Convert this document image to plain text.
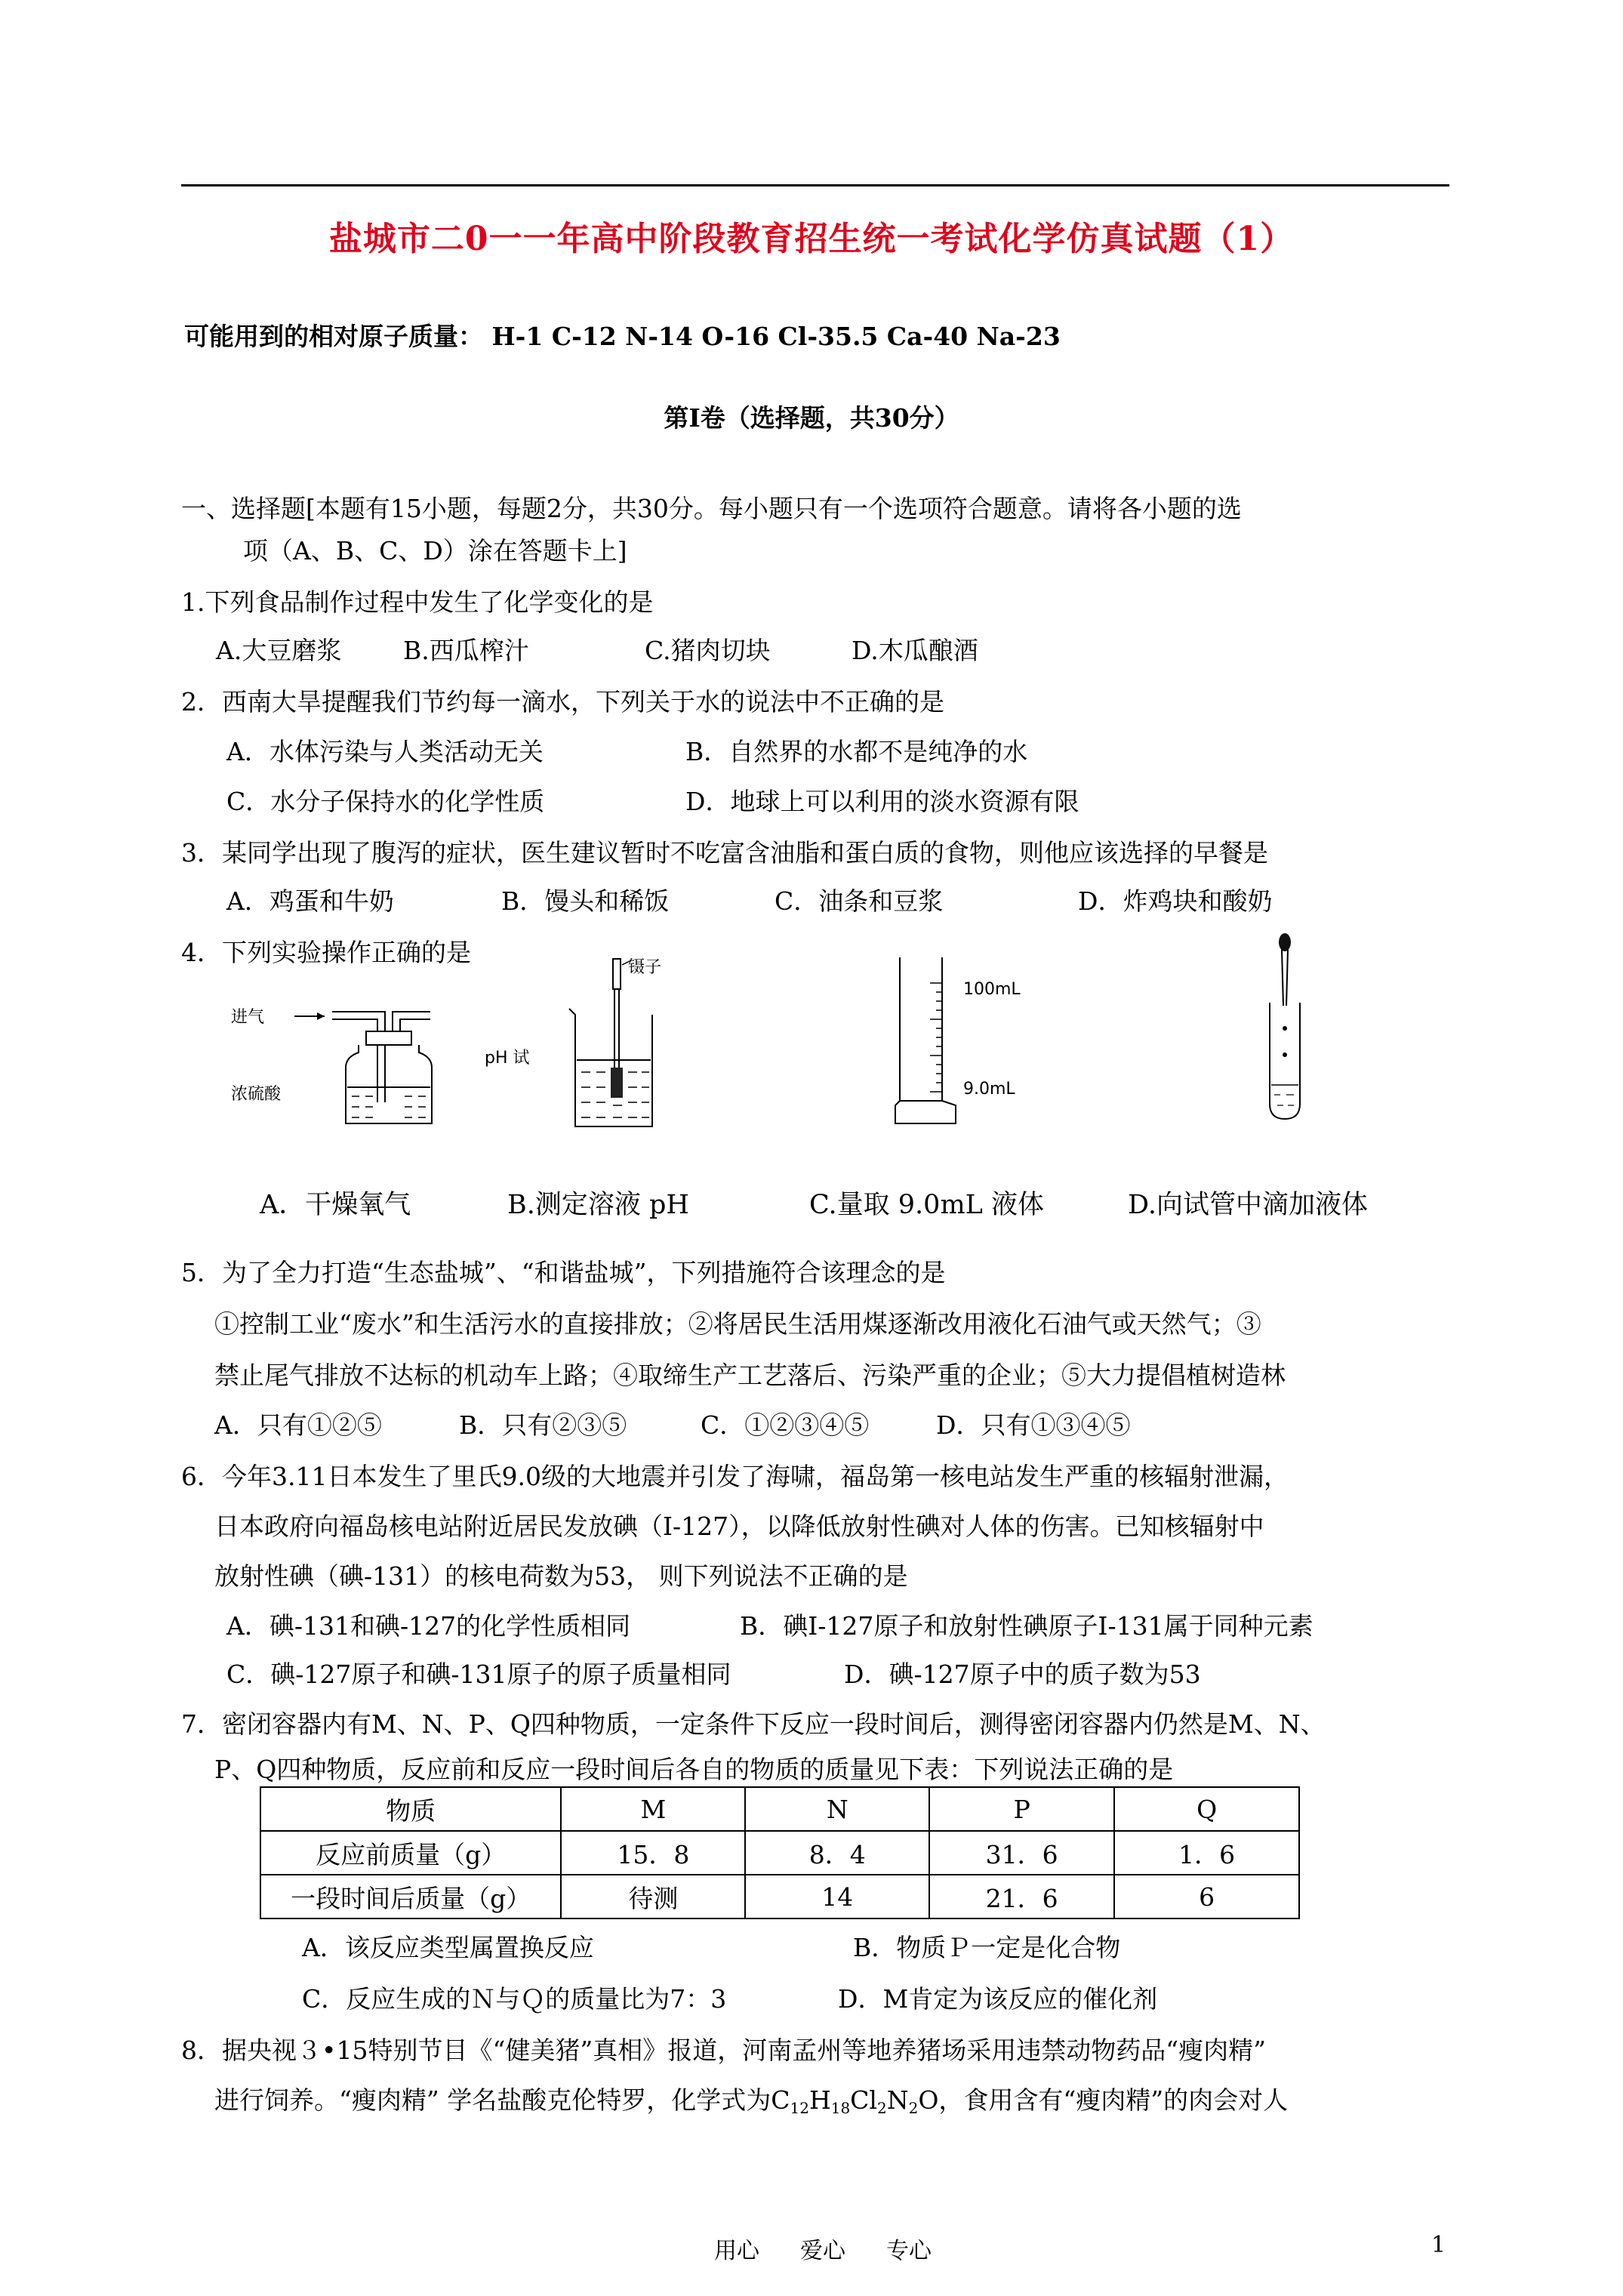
盐城市二0一一年高中阶段教育招生统一考试化学仿真试题（1）
可能用到的相对原子质量： H-1 C-12 N-14 O-16 Cl-35.5 Ca-40 Na-23
第Ⅰ卷（选择题，共30分）
一、选择题[本题有15小题，每题2分，共30分。每小题只有一个选项符合题意。请将各小题的选
项（A、B、C、D）涂在答题卡上]
1.下列食品制作过程中发生了化学变化的是
A.大豆磨浆 B.西瓜榨汁	C.猪肉切块	D.木瓜酿酒
2．西南大旱提醒我们节约每一滴水，下列关于水的说法中不正确的是
A．水体污染与人类活动无关	B．自然界的水都不是纯净的水
C．水分子保持水的化学性质	D．地球上可以利用的淡水资源有限
3．某同学出现了腹泻的症状，医生建议暂时不吃富含油脂和蛋白质的食物，则他应该选择的早餐是
A．鸡蛋和牛奶	B．馒头和稀饭	C．油条和豆浆	D．炸鸡块和酸奶
4．下列实验操作正确的是
进气
浓硫酸
镊子
pH 试
100mL
9.0mL
A．干燥氧气	B.测定溶液 pH	C.量取 9.0mL 液体	D.向试管中滴加液体
5．为了全力打造“生态盐城”、“和谐盐城”，下列措施符合该理念的是
①控制工业“废水”和生活污水的直接排放；②将居民生活用煤逐渐改用液化石油气或天然气；③
禁止尾气排放不达标的机动车上路；④取缔生产工艺落后、污染严重的企业；⑤大力提倡植树造林
A．只有①②⑤	B．只有②③⑤	C．①②③④⑤	D．只有①③④⑤
6．今年3.11日本发生了里氏9.0级的大地震并引发了海啸，福岛第一核电站发生严重的核辐射泄漏，
日本政府向福岛核电站附近居民发放碘（I-127），以降低放射性碘对人体的伤害。已知核辐射中
放射性碘（碘-131）的核电荷数为53， 则下列说法不正确的是
A．碘-131和碘-127的化学性质相同	B．碘I-127原子和放射性碘原子I-131属于同种元素
C．碘-127原子和碘-131原子的原子质量相同	D．碘-127原子中的质子数为53
7．密闭容器内有M、N、P、Q四种物质，一定条件下反应一段时间后，测得密闭容器内仍然是M、N、
P、Q四种物质，反应前和反应一段时间后各自的物质的质量见下表：下列说法正确的是
物质	M	N	P	Q
反应前质量（g）	15．8	8．4	31．6	1．6
一段时间后质量（g）	待测	14	21．6	6
A．该反应类型属置换反应	B．物质Ｐ一定是化合物
C．反应生成的Ｎ与Ｑ的质量比为7：3	D．M肯定为该反应的催化剂
8．据央视３•15特别节目《“健美猪”真相》报道，河南孟州等地养猪场采用违禁动物药品“瘦肉精”
进行饲养。“瘦肉精” 学名盐酸克伦特罗，化学式为$C_{12}H_{18}Cl_2N_2O$，食用含有“瘦肉精”的肉会对人
用心 爱心 专心	1
